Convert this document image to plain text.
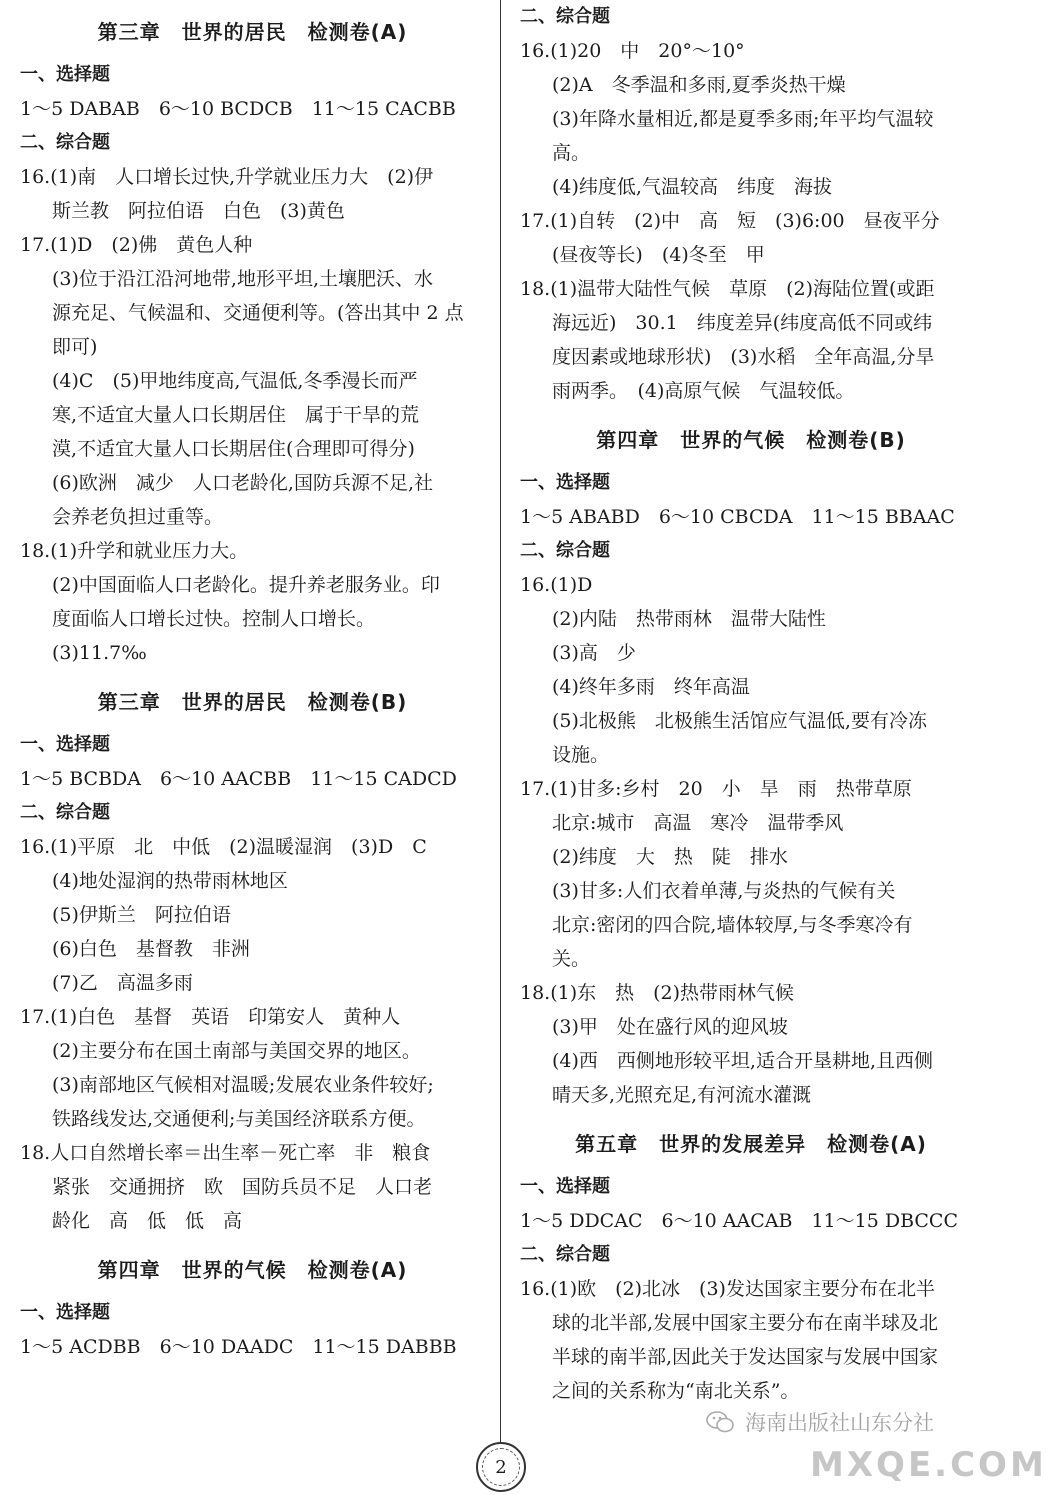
第三章　世界的居民　检测卷(A)
一、选择题
1～5 DABAB　6～10 BCDCB　11～15 CACBB
二、综合题
16.(1)南　人口增长过快,升学就业压力大　(2)伊
斯兰教　阿拉伯语　白色　(3)黄色
17.(1)D　(2)佛　黄色人种
(3)位于沿江沿河地带,地形平坦,土壤肥沃、水
源充足、气候温和、交通便利等。(答出其中 2 点
即可)
(4)C　(5)甲地纬度高,气温低,冬季漫长而严
寒,不适宜大量人口长期居住　属于干旱的荒
漠,不适宜大量人口长期居住(合理即可得分)
(6)欧洲　减少　人口老龄化,国防兵源不足,社
会养老负担过重等。
18.(1)升学和就业压力大。
(2)中国面临人口老龄化。提升养老服务业。印
度面临人口增长过快。控制人口增长。
(3)11.7‰
第三章　世界的居民　检测卷(B)
一、选择题
1～5 BCBDA　6～10 AACBB　11～15 CADCD
二、综合题
16.(1)平原　北　中低　(2)温暖湿润　(3)D　C
(4)地处湿润的热带雨林地区
(5)伊斯兰　阿拉伯语
(6)白色　基督教　非洲
(7)乙　高温多雨
17.(1)白色　基督　英语　印第安人　黄种人
(2)主要分布在国土南部与美国交界的地区。
(3)南部地区气候相对温暖;发展农业条件较好;
铁路线发达,交通便利;与美国经济联系方便。
18.人口自然增长率＝出生率－死亡率　非　粮食
紧张　交通拥挤　欧　国防兵员不足　人口老
龄化　高　低　低　高
第四章　世界的气候　检测卷(A)
一、选择题
1～5 ACDBB　6～10 DAADC　11～15 DABBB
二、综合题
16.(1)20　中　20°～10°
(2)A　冬季温和多雨,夏季炎热干燥
(3)年降水量相近,都是夏季多雨;年平均气温较
高。
(4)纬度低,气温较高　纬度　海拔
17.(1)自转　(2)中　高　短　(3)6:00　昼夜平分
(昼夜等长)　(4)冬至　甲
18.(1)温带大陆性气候　草原　(2)海陆位置(或距
海远近)　30.1　纬度差异(纬度高低不同或纬
度因素或地球形状)　(3)水稻　全年高温,分旱
雨两季。　(4)高原气候　气温较低。
第四章　世界的气候　检测卷(B)
一、选择题
1～5 ABABD　6～10 CBCDA　11～15 BBAAC
二、综合题
16.(1)D
(2)内陆　热带雨林　温带大陆性
(3)高　少
(4)终年多雨　终年高温
(5)北极熊　北极熊生活馆应气温低,要有冷冻
设施。
17.(1)甘多:乡村　20　小　旱　雨　热带草原
北京:城市　高温　寒冷　温带季风
(2)纬度　大　热　陡　排水
(3)甘多:人们衣着单薄,与炎热的气候有关
北京:密闭的四合院,墙体较厚,与冬季寒冷有
关。
18.(1)东　热　(2)热带雨林气候
(3)甲　处在盛行风的迎风坡
(4)西　西侧地形较平坦,适合开垦耕地,且西侧
晴天多,光照充足,有河流水灌溉
第五章　世界的发展差异　检测卷(A)
一、选择题
1～5 DDCAC　6～10 AACAB　11～15 DBCCC
二、综合题
16.(1)欧　(2)北冰　(3)发达国家主要分布在北半
球的北半部,发展中国家主要分布在南半球及北
半球的南半部,因此关于发达国家与发展中国家
之间的关系称为“南北关系”。
2
海南出版社山东分社
MXQE.COM
